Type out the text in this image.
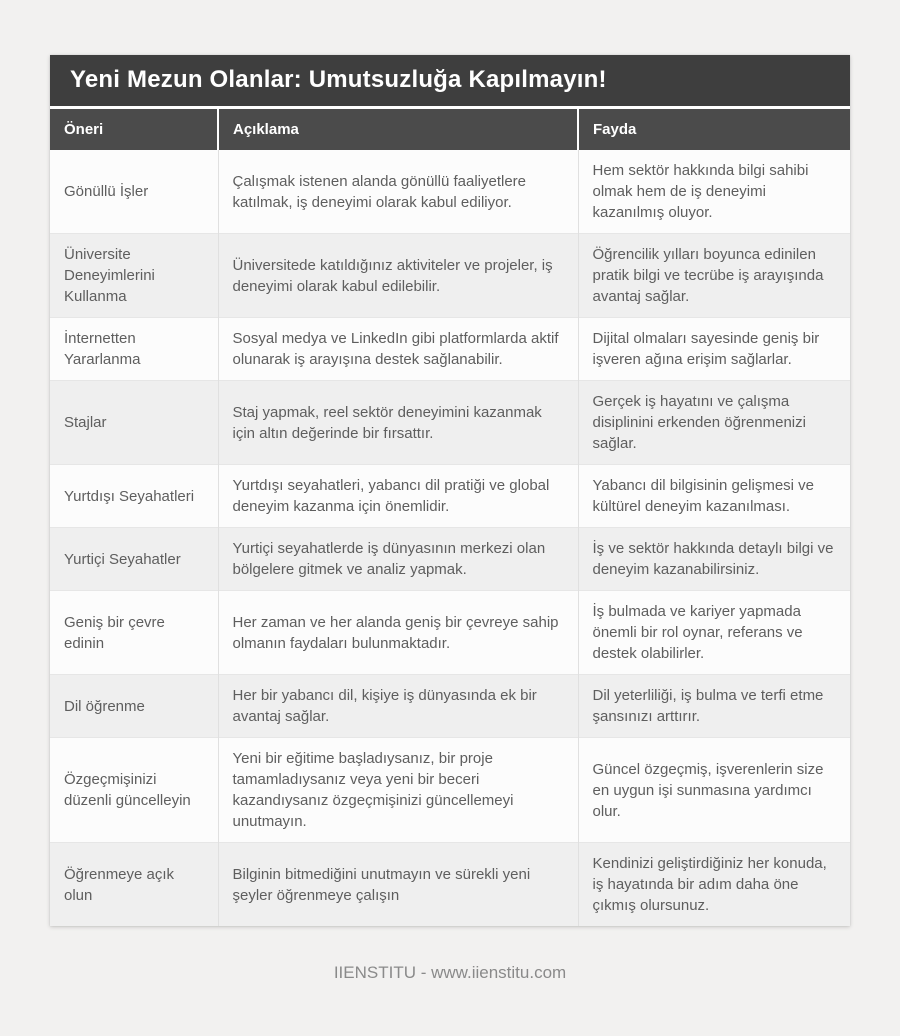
Yeni Mezun Olanlar: Umutsuzluğa Kapılmayın!
Öneri	Açıklama	Fayda
Gönüllü İşler	Çalışmak istenen alanda gönüllü faaliyetlere katılmak, iş deneyimi olarak kabul ediliyor.	Hem sektör hakkında bilgi sahibi olmak hem de iş deneyimi kazanılmış oluyor.
Üniversite Deneyimlerini Kullanma	Üniversitede katıldığınız aktiviteler ve projeler, iş deneyimi olarak kabul edilebilir.	Öğrencilik yılları boyunca edinilen pratik bilgi ve tecrübe iş arayışında avantaj sağlar.
İnternetten Yararlanma	Sosyal medya ve LinkedIn gibi platformlarda aktif olunarak iş arayışına destek sağlanabilir.	Dijital olmaları sayesinde geniş bir işveren ağına erişim sağlarlar.
Stajlar	Staj yapmak, reel sektör deneyimini kazanmak için altın değerinde bir fırsattır.	Gerçek iş hayatını ve çalışma disiplinini erkenden öğrenmenizi sağlar.
Yurtdışı Seyahatleri	Yurtdışı seyahatleri, yabancı dil pratiği ve global deneyim kazanma için önemlidir.	Yabancı dil bilgisinin gelişmesi ve kültürel deneyim kazanılması.
Yurtiçi Seyahatler	Yurtiçi seyahatlerde iş dünyasının merkezi olan bölgelere gitmek ve analiz yapmak.	İş ve sektör hakkında detaylı bilgi ve deneyim kazanabilirsiniz.
Geniş bir çevre edinin	Her zaman ve her alanda geniş bir çevreye sahip olmanın faydaları bulunmaktadır.	İş bulmada ve kariyer yapmada önemli bir rol oynar, referans ve destek olabilirler.
Dil öğrenme	Her bir yabancı dil, kişiye iş dünyasında ek bir avantaj sağlar.	Dil yeterliliği, iş bulma ve terfi etme şansınızı arttırır.
Özgeçmişinizi düzenli güncelleyin	Yeni bir eğitime başladıysanız, bir proje tamamladıysanız veya yeni bir beceri kazandıysanız özgeçmişinizi güncellemeyi unutmayın.	Güncel özgeçmiş, işverenlerin size en uygun işi sunmasına yardımcı olur.
Öğrenmeye açık olun	Bilginin bitmediğini unutmayın ve sürekli yeni şeyler öğrenmeye çalışın	Kendinizi geliştirdiğiniz her konuda, iş hayatında bir adım daha öne çıkmış olursunuz.
IIENSTITU - www.iienstitu.com
